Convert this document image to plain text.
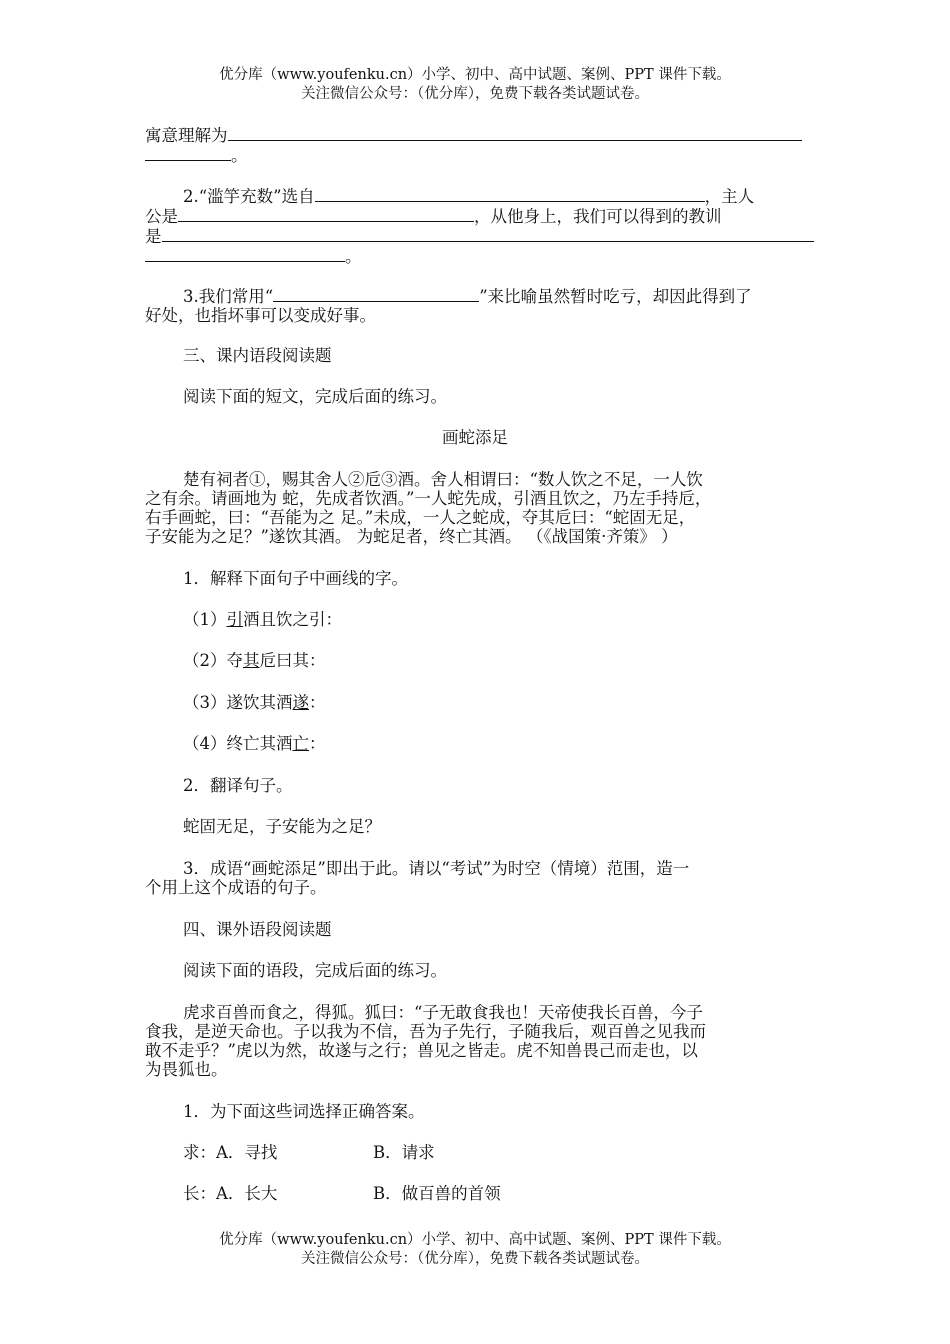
优分库（www.youfenku.cn）小学、初中、高中试题、案例、PPT 课件下载。
关注微信公众号：（优分库），免费下载各类试题试卷。
寓意理解为
。
2.“滥竽充数”选自	，主人
公是	，从他身上，我们可以得到的教训
是
。
3.我们常用“	”来比喻虽然暂时吃亏，却因此得到了
好处，也指坏事可以变成好事。
三、课内语段阅读题
阅读下面的短文，完成后面的练习。
画蛇添足
楚有祠者①，赐其舍人②卮③酒。舍人相谓曰：“数人饮之不足，一人饮
之有余。请画地为 蛇，先成者饮酒。”一人蛇先成，引酒且饮之，乃左手持卮，
右手画蛇，曰：“吾能为之 足。”未成，一人之蛇成，夺其卮曰：“蛇固无足，
子安能为之足？”遂饮其酒。 为蛇足者，终亡其酒。 （《战国策·齐策》 ）
1．解释下面句子中画线的字。
（1）引酒且饮之引：
（2）夺其卮曰其：
（3）遂饮其酒遂：
（4）终亡其酒亡：
2．翻译句子。
蛇固无足，子安能为之足？
3．成语“画蛇添足”即出于此。请以“考试”为时空（情境）范围，造一
个用上这个成语的句子。
四、课外语段阅读题
阅读下面的语段，完成后面的练习。
虎求百兽而食之，得狐。狐曰：“子无敢食我也！天帝使我长百兽，今子
食我，是逆天命也。子以我为不信，吾为子先行，子随我后，观百兽之见我而
敢不走乎？”虎以为然，故遂与之行；兽见之皆走。虎不知兽畏己而走也，以
为畏狐也。
1．为下面这些词选择正确答案。
求：A．寻找	B．请求
长：A．长大	B．做百兽的首领
优分库（www.youfenku.cn）小学、初中、高中试题、案例、PPT 课件下载。
关注微信公众号：（优分库），免费下载各类试题试卷。
